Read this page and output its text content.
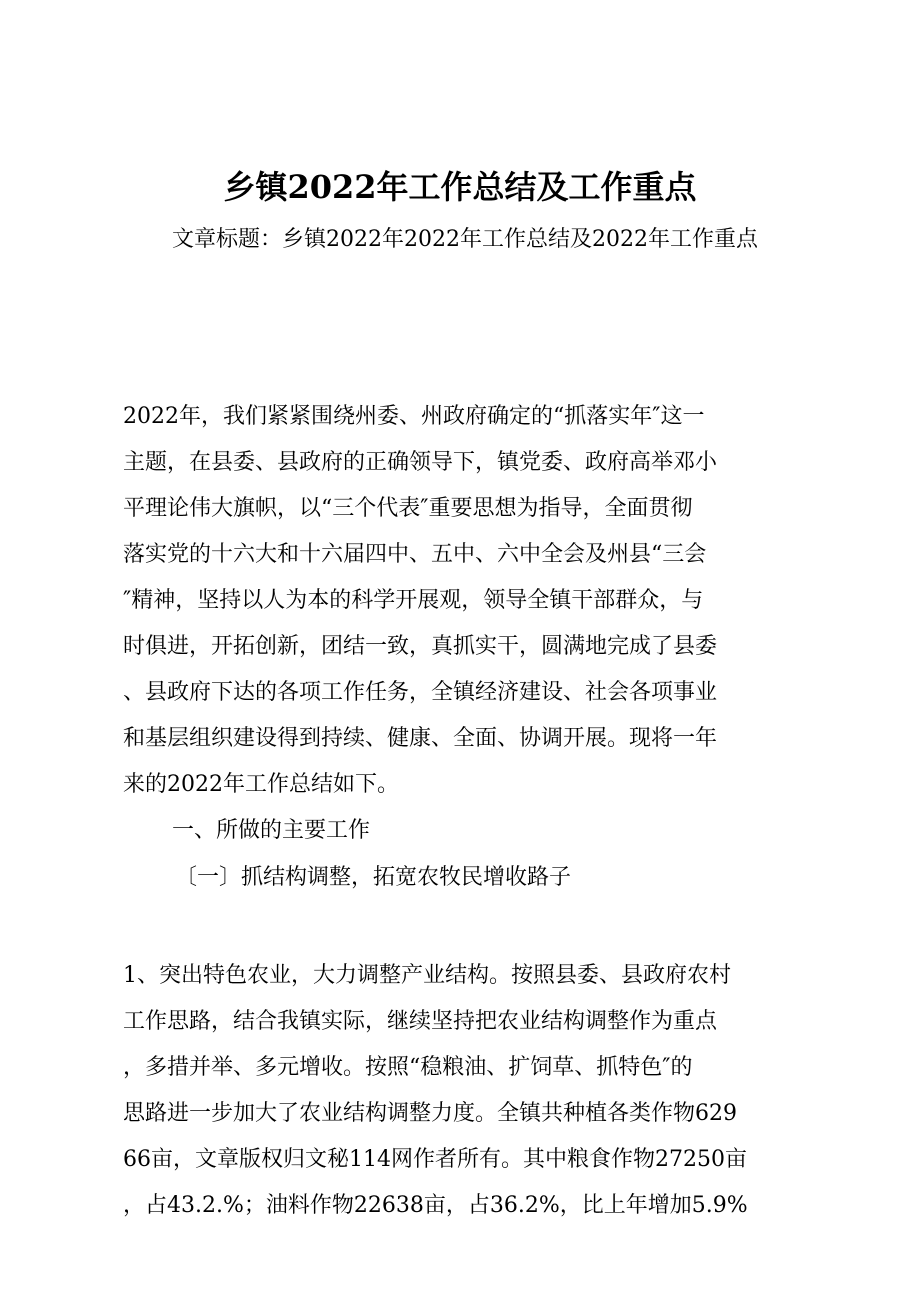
乡镇2022年工作总结及工作重点
文章标题：乡镇2022年2022年工作总结及2022年工作重点
2022年，我们紧紧围绕州委、州政府确定的“抓落实年″这一
主题，在县委、县政府的正确领导下，镇党委、政府高举邓小
平理论伟大旗帜，以“三个代表″重要思想为指导，全面贯彻
落实党的十六大和十六届四中、五中、六中全会及州县“三会
″精神，坚持以人为本的科学开展观，领导全镇干部群众，与
时俱进，开拓创新，团结一致，真抓实干，圆满地完成了县委
、县政府下达的各项工作任务，全镇经济建设、社会各项事业
和基层组织建设得到持续、健康、全面、协调开展。现将一年
来的2022年工作总结如下。
一、所做的主要工作
〔一〕抓结构调整，拓宽农牧民增收路子
1、突出特色农业，大力调整产业结构。按照县委、县政府农村
工作思路，结合我镇实际，继续坚持把农业结构调整作为重点
，多措并举、多元增收。按照“稳粮油、扩饲草、抓特色″的
思路进一步加大了农业结构调整力度。全镇共种植各类作物629
66亩，文章版权归文秘114网作者所有。其中粮食作物27250亩
，占43.2.%；油料作物22638亩，占36.2%，比上年增加5.9%
